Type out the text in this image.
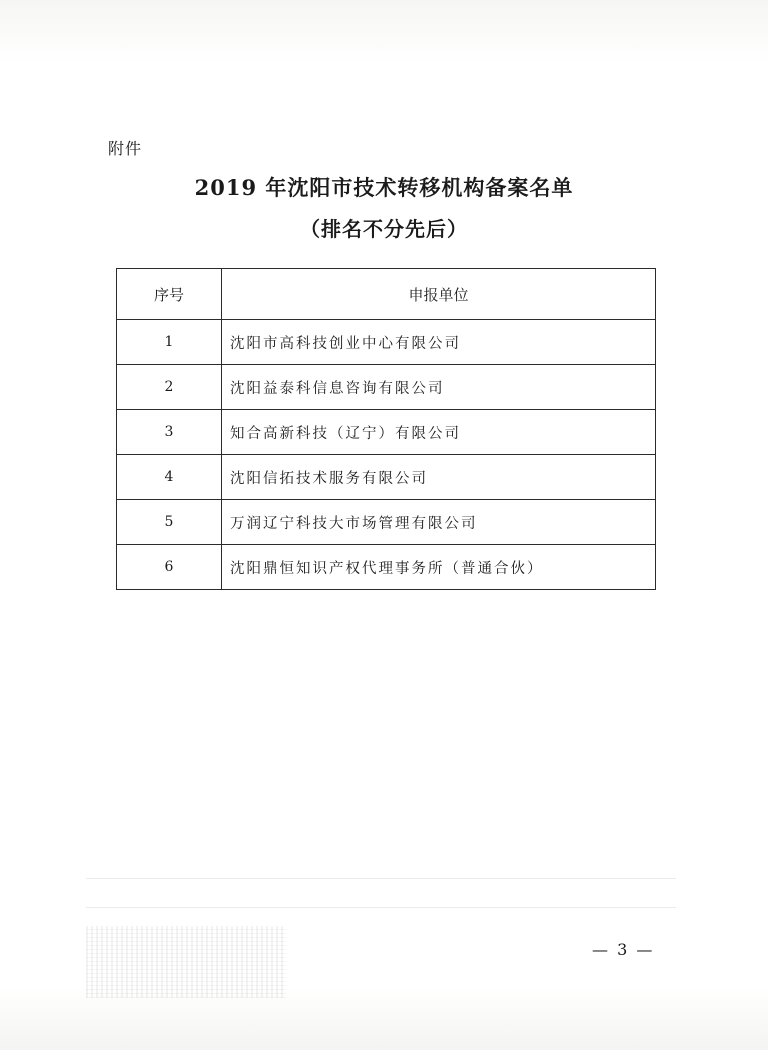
附件
2019 年沈阳市技术转移机构备案名单
（排名不分先后）
序号	申报单位
1	沈阳市高科技创业中心有限公司
2	沈阳益泰科信息咨询有限公司
3	知合高新科技（辽宁）有限公司
4	沈阳信拓技术服务有限公司
5	万润辽宁科技大市场管理有限公司
6	沈阳鼎恒知识产权代理事务所（普通合伙）
— 3 —
